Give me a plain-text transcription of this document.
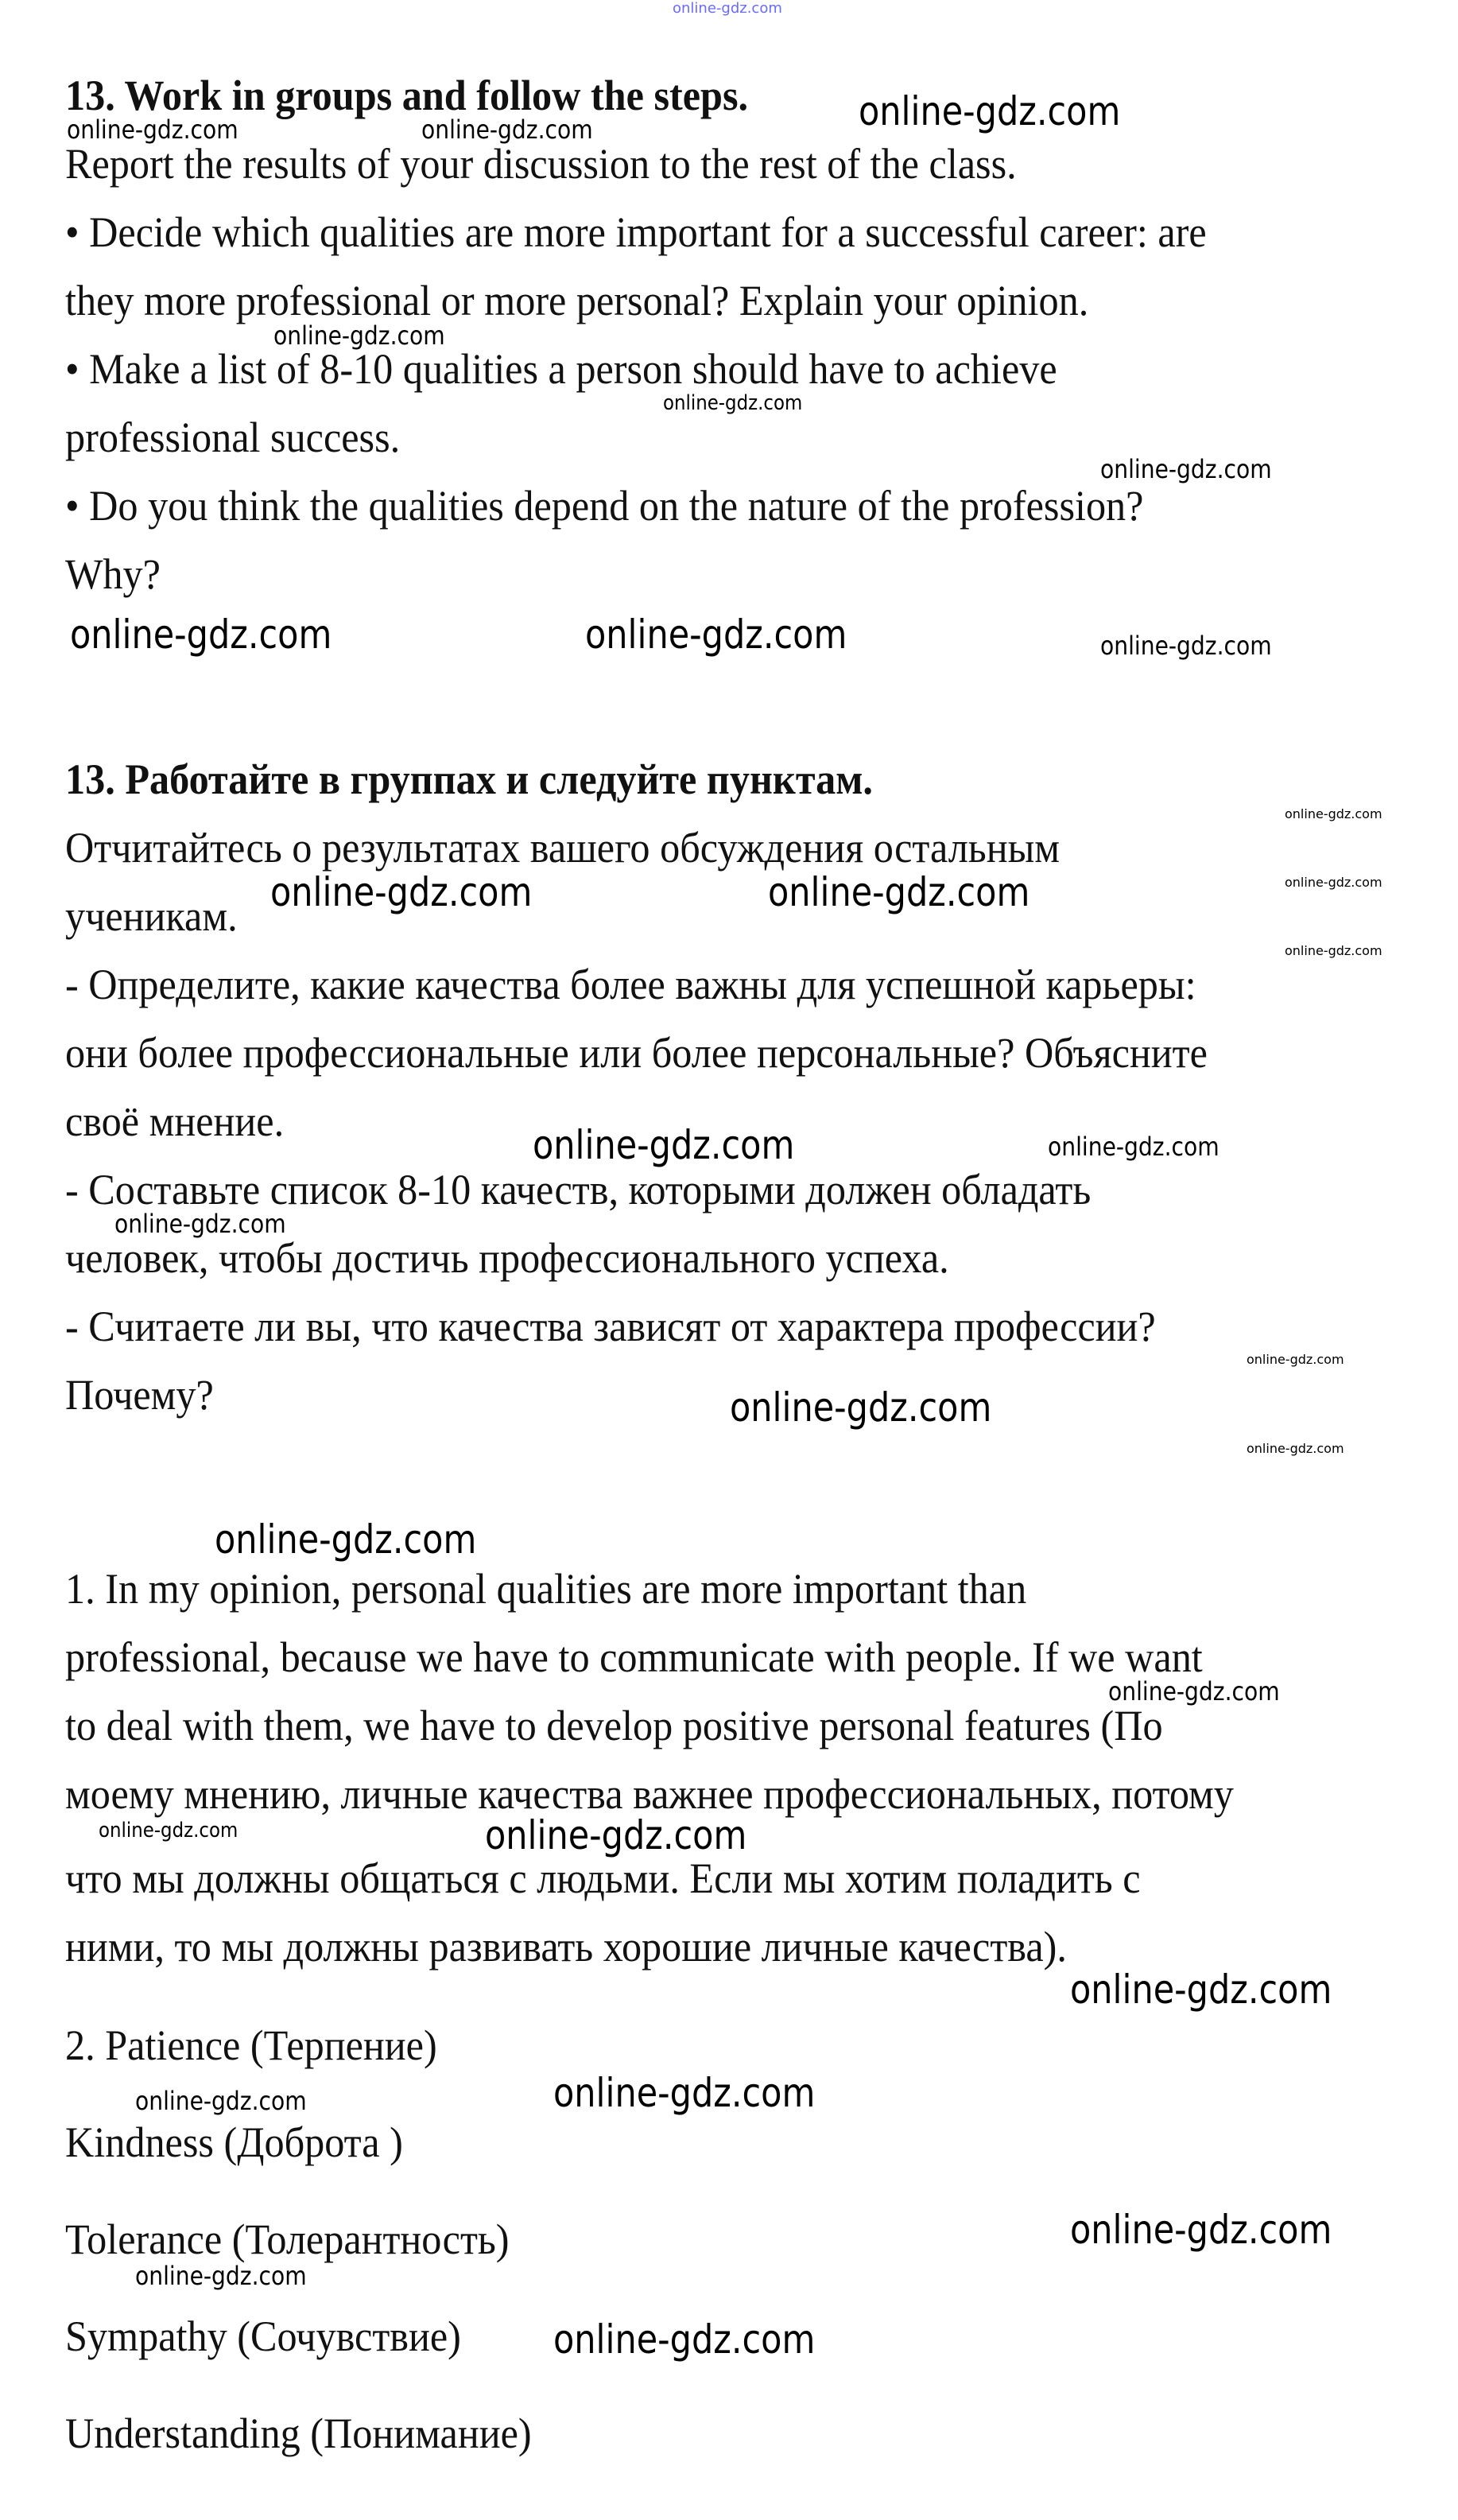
13. Work in groups and follow the steps.
Report the results of your discussion to the rest of the class.
• Decide which qualities are more important for a successful career: are
they more professional or more personal? Explain your opinion.
• Make a list of 8-10 qualities a person should have to achieve
professional success.
• Do you think the qualities depend on the nature of the profession?
Why?
13. Работайте в группах и следуйте пунктам.
Отчитайтесь о результатах вашего обсуждения остальным
ученикам.
- Определите, какие качества более важны для успешной карьеры:
они более профессиональные или более персональные? Объясните
своё мнение.
- Составьте список 8-10 качеств, которыми должен обладать
человек, чтобы достичь профессионального успеха.
- Считаете ли вы, что качества зависят от характера профессии?
Почему?
1. In my opinion, personal qualities are more important than
professional, because we have to communicate with people. If we want
to deal with them, we have to develop positive personal features (По
моему мнению, личные качества важнее профессиональных, потому
что мы должны общаться с людьми. Если мы хотим поладить с
ними, то мы должны развивать хорошие личные качества).
2. Patience (Терпение)
Kindness (Доброта )
Tolerance (Толерантность)
Sympathy (Сочувствие)
Understanding (Понимание)
online-gdz.com
online-gdz.com
online-gdz.com	online-gdz.com
online-gdz.com	online-gdz.com
online-gdz.com
online-gdz.com
online-gdz.com
online-gdz.com
online-gdz.com
online-gdz.com
online-gdz.com
online-gdz.com
online-gdz.com	online-gdz.com
online-gdz.com
online-gdz.com
online-gdz.com
online-gdz.com
online-gdz.com
online-gdz.com
online-gdz.com
online-gdz.com
online-gdz.com
online-gdz.com
online-gdz.com
online-gdz.com
online-gdz.com
online-gdz.com
online-gdz.com
